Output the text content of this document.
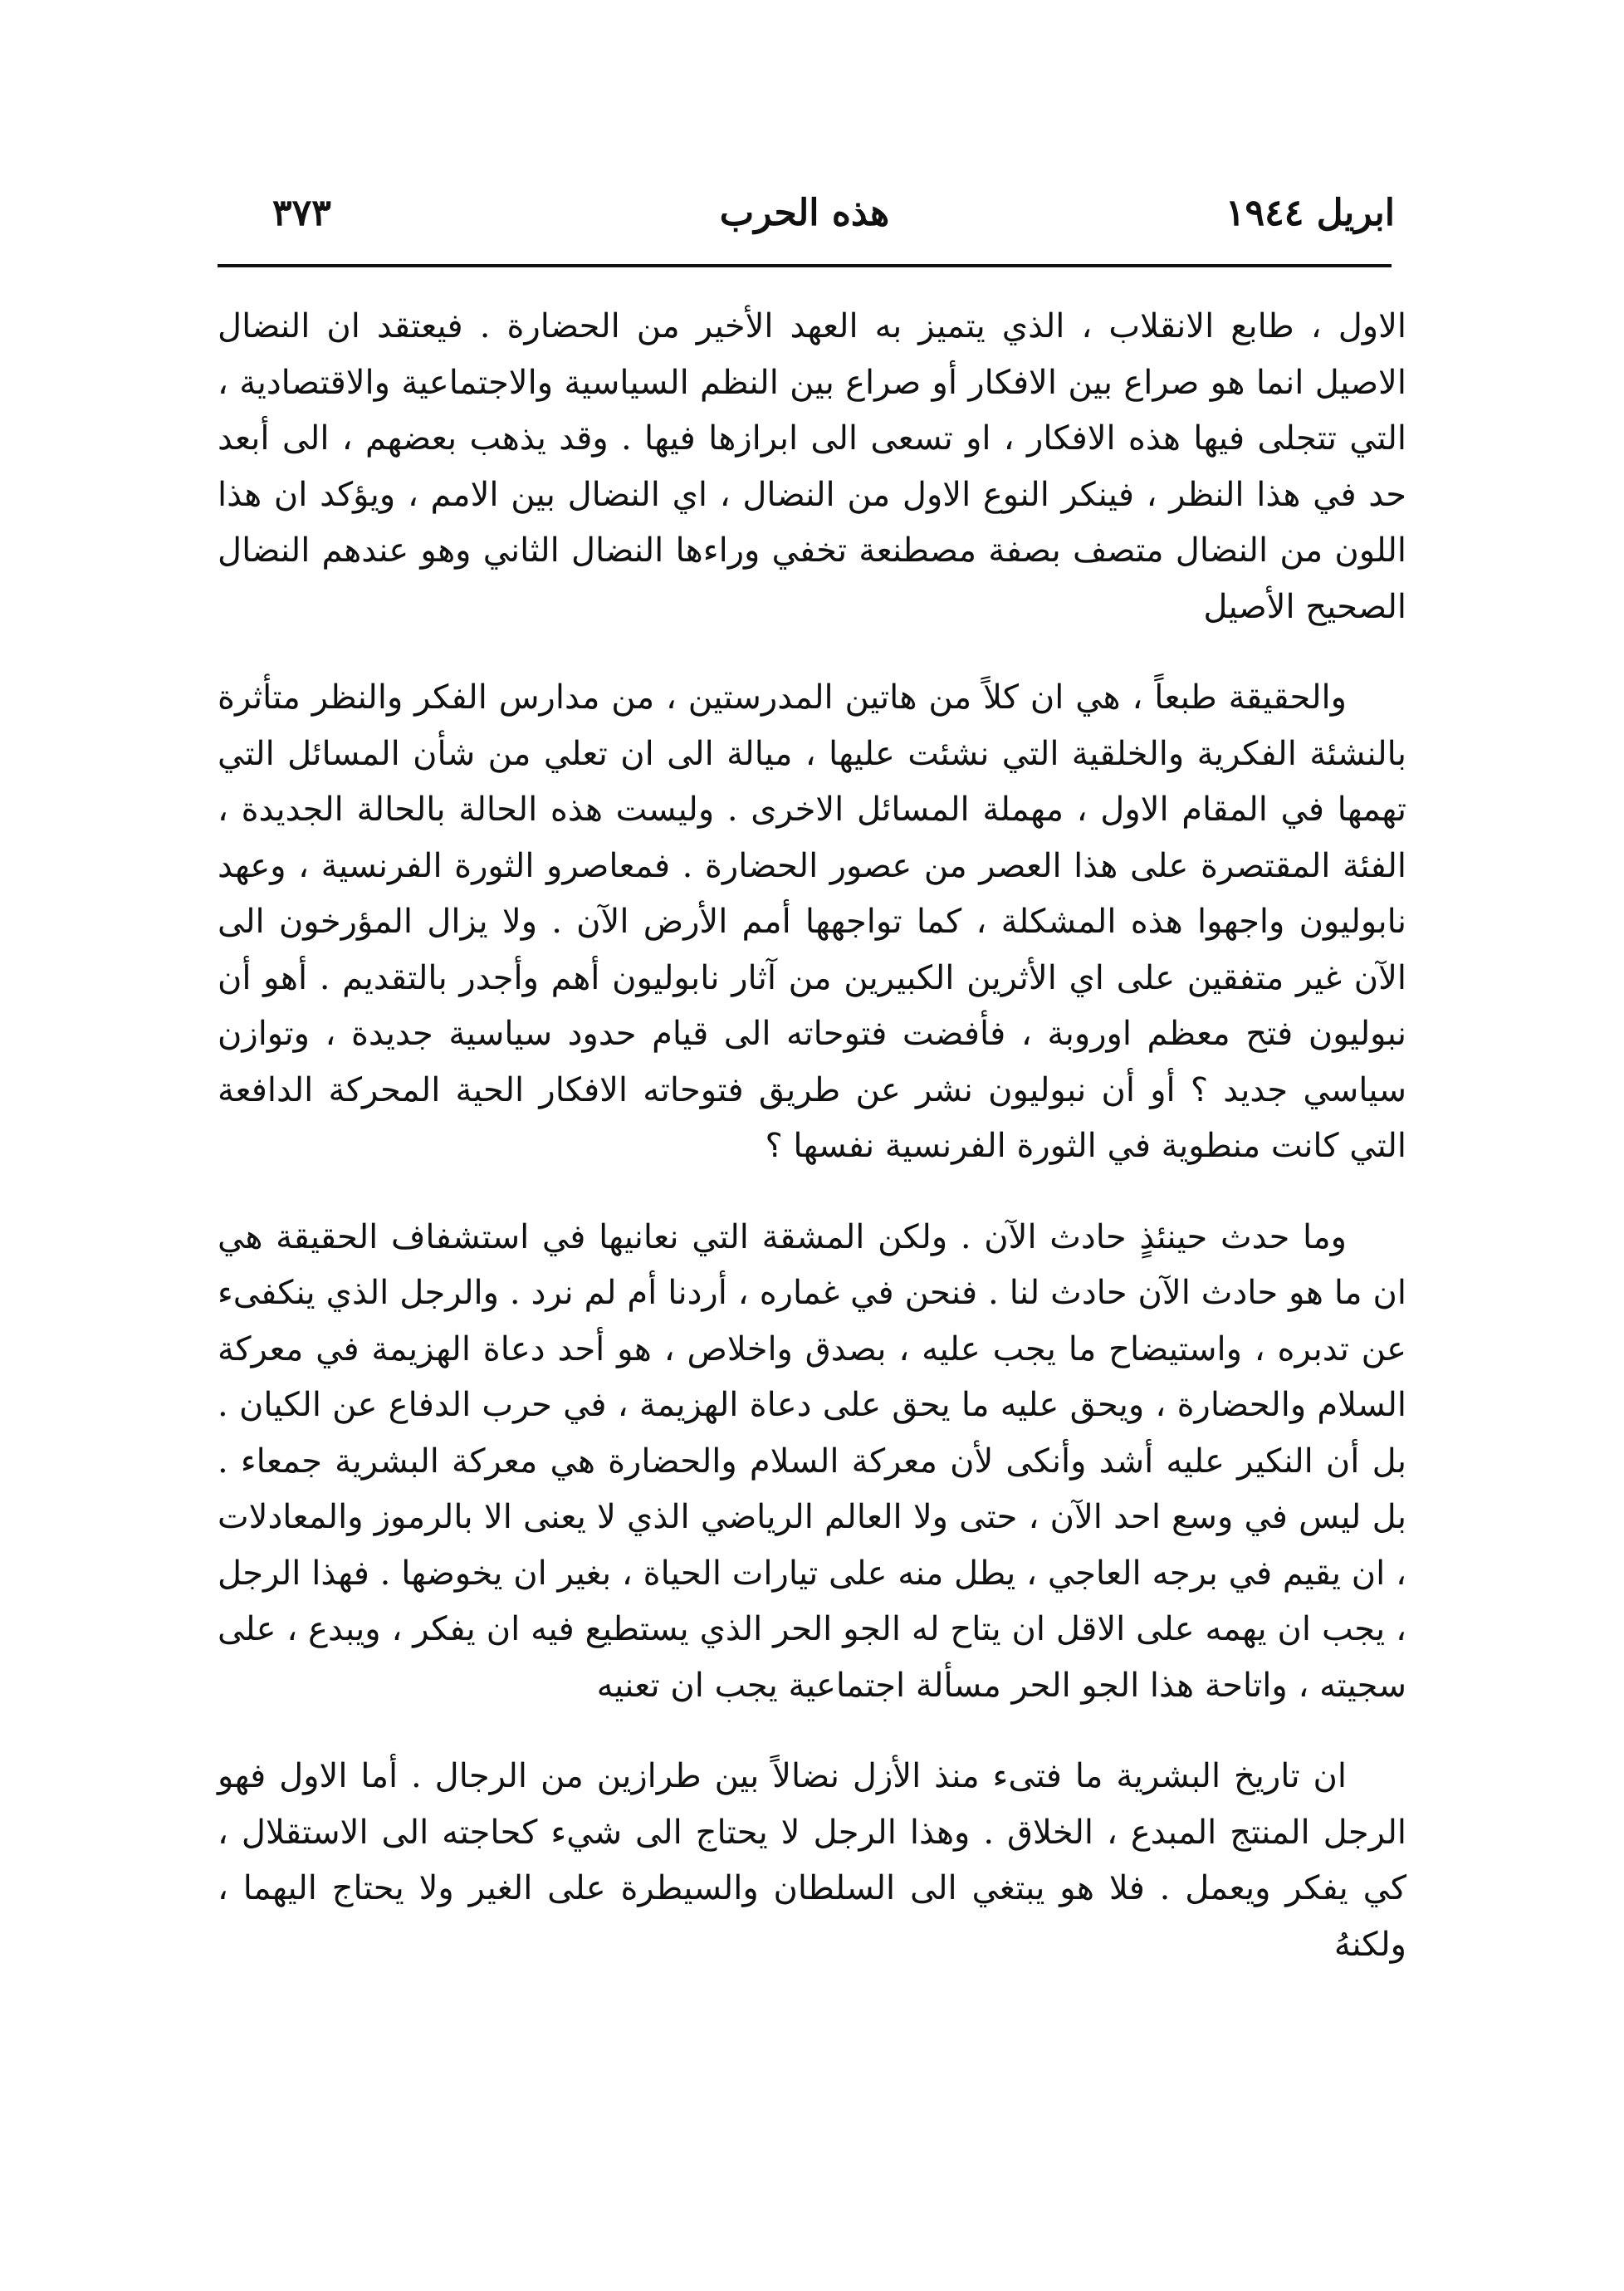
ابريل ١٩٤٤
هذه الحرب
٣٧٣

الاول ، طابع الانقلاب ، الذي يتميز به العهد الأخير من الحضارة . فيعتقد ان النضال الاصيل انما هو صراع بين الافكار أو صراع بين النظم السياسية والاجتماعية والاقتصادية ، التي تتجلى فيها هذه الافكار ، او تسعى الى ابرازها فيها . وقد يذهب بعضهم ، الى أبعد حد في هذا النظر ، فينكر النوع الاول من النضال ، اي النضال بين الامم ، ويؤكد ان هذا اللون من النضال متصف بصفة مصطنعة تخفي وراءها النضال الثاني وهو عندهم النضال الصحيح الأصيل

والحقيقة طبعاً ، هي ان كلاً من هاتين المدرستين ، من مدارس الفكر والنظر متأثرة بالنشئة الفكرية والخلقية التي نشئت عليها ، ميالة الى ان تعلي من شأن المسائل التي تهمها في المقام الاول ، مهملة المسائل الاخرى . وليست هذه الحالة بالحالة الجديدة ، الفئة المقتصرة على هذا العصر من عصور الحضارة . فمعاصرو الثورة الفرنسية ، وعهد نابوليون واجهوا هذه المشكلة ، كما تواجهها أمم الأرض الآن . ولا يزال المؤرخون الى الآن غير متفقين على اي الأثرين الكبيرين من آثار نابوليون أهم وأجدر بالتقديم . أهو أن نبوليون فتح معظم اوروبة ، فأفضت فتوحاته الى قيام حدود سياسية جديدة ، وتوازن سياسي جديد ؟ أو أن نبوليون نشر عن طريق فتوحاته الافكار الحية المحركة الدافعة التي كانت منطوية في الثورة الفرنسية نفسها ؟

وما حدث حينئذٍ حادث الآن . ولكن المشقة التي نعانيها في استشفاف الحقيقة هي ان ما هو حادث الآن حادث لنا . فنحن في غماره ، أردنا أم لم نرد . والرجل الذي ينكفىء عن تدبره ، واستيضاح ما يجب عليه ، بصدق واخلاص ، هو أحد دعاة الهزيمة في معركة السلام والحضارة ، ويحق عليه ما يحق على دعاة الهزيمة ، في حرب الدفاع عن الكيان . بل أن النكير عليه أشد وأنكى لأن معركة السلام والحضارة هي معركة البشرية جمعاء . بل ليس في وسع احد الآن ، حتى ولا العالم الرياضي الذي لا يعنى الا بالرموز والمعادلات ، ان يقيم في برجه العاجي ، يطل منه على تيارات الحياة ، بغير ان يخوضها . فهذا الرجل ، يجب ان يهمه على الاقل ان يتاح له الجو الحر الذي يستطيع فيه ان يفكر ، ويبدع ، على سجيته ، واتاحة هذا الجو الحر مسألة اجتماعية يجب ان تعنيه

ان تاريخ البشرية ما فتىء منذ الأزل نضالاً بين طرازين من الرجال . أما الاول فهو الرجل المنتج المبدع ، الخلاق . وهذا الرجل لا يحتاج الى شيء كحاجته الى الاستقلال ، كي يفكر ويعمل . فلا هو يبتغي الى السلطان والسيطرة على الغير ولا يحتاج اليهما ، ولكنهُ
